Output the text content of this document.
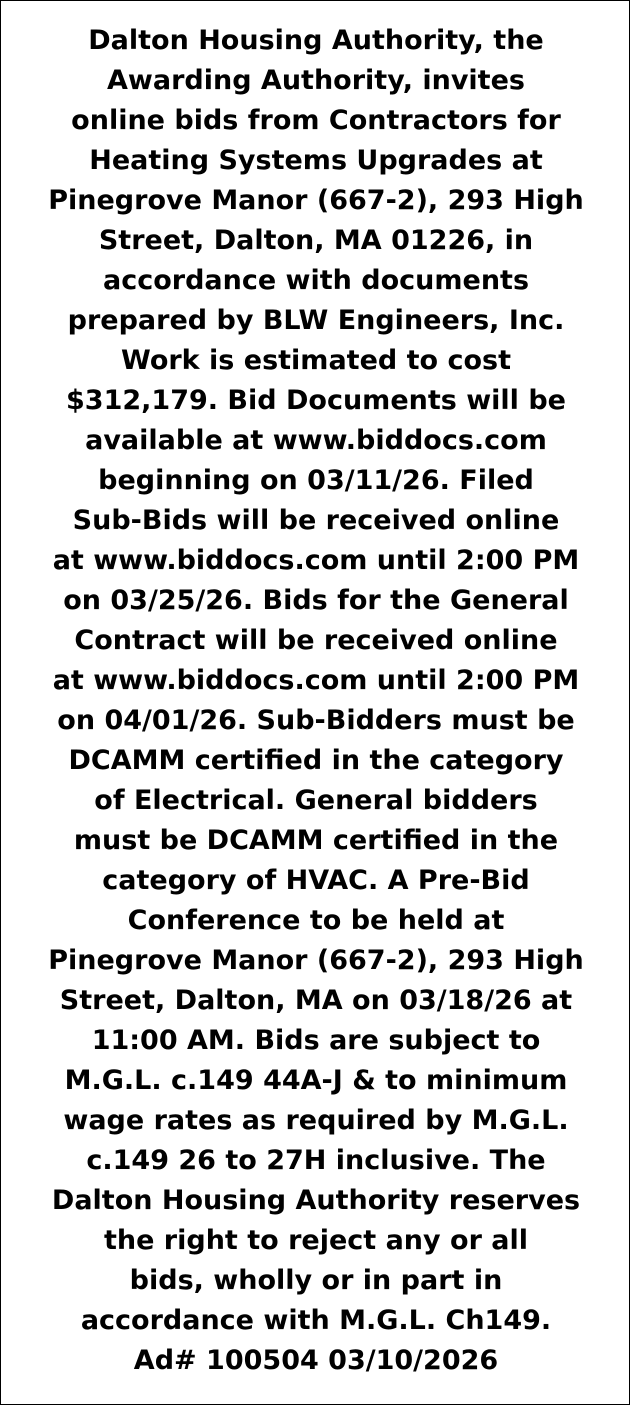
Dalton Housing Authority, the
Awarding Authority, invites
online bids from Contractors for
Heating Systems Upgrades at
Pinegrove Manor (667-2), 293 High
Street, Dalton, MA 01226, in
accordance with documents
prepared by BLW Engineers, Inc.
Work is estimated to cost
$312,179. Bid Documents will be
available at www.biddocs.com
beginning on 03/11/26. Filed
Sub-Bids will be received online
at www.biddocs.com until 2:00 PM
on 03/25/26. Bids for the General
Contract will be received online
at www.biddocs.com until 2:00 PM
on 04/01/26. Sub-Bidders must be
DCAMM certified in the category
of Electrical. General bidders
must be DCAMM certified in the
category of HVAC. A Pre-Bid
Conference to be held at
Pinegrove Manor (667-2), 293 High
Street, Dalton, MA on 03/18/26 at
11:00 AM. Bids are subject to
M.G.L. c.149 44A-J & to minimum
wage rates as required by M.G.L.
c.149 26 to 27H inclusive. The
Dalton Housing Authority reserves
the right to reject any or all
bids, wholly or in part in
accordance with M.G.L. Ch149.
Ad# 100504 03/10/2026
